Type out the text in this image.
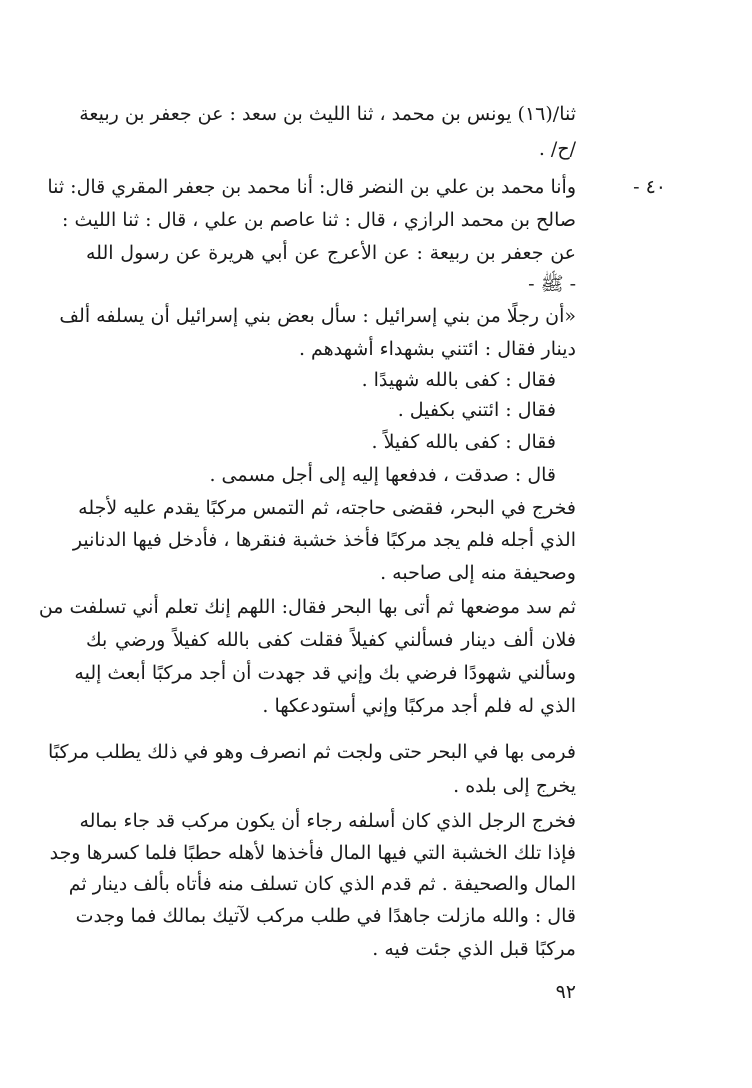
ثنا/(١٦) يونس بن محمد ، ثنا الليث بن سعد : عن جعفر بن ربيعة
/ح/ .
٤٠ -
وأنا محمد بن علي بن النضر قال: أنا محمد بن جعفر المقري قال: ثنا
صالح بن محمد الرازي ، قال : ثنا عاصم بن علي ، قال : ثنا الليث :
عن جعفر بن ربيعة : عن الأعرج عن أبي هريرة عن رسول الله
- ﷺ -
«أن رجلًا من بني إسرائيل : سأل بعض بني إسرائيل أن يسلفه ألف
دينار فقال : ائتني بشهداء أشهدهم .
فقال : كفى بالله شهيدًا .
فقال : ائتني بكفيل .
فقال : كفى بالله كفيلاً .
قال : صدقت ، فدفعها إليه إلى أجل مسمى .
فخرج في البحر، فقضى حاجته، ثم التمس مركبًا يقدم عليه لأجله
الذي أجله فلم يجد مركبًا فأخذ خشبة فنقرها ، فأدخل فيها الدنانير
وصحيفة منه إلى صاحبه .
ثم سد موضعها ثم أتى بها البحر فقال: اللهم إنك تعلم أني تسلفت من
فلان ألف دينار فسألني كفيلاً فقلت كفى بالله كفيلاً ورضي بك
وسألني شهودًا فرضي بك وإني قد جهدت أن أجد مركبًا أبعث إليه
الذي له فلم أجد مركبًا وإني أستودعكها .
فرمى بها في البحر حتى ولجت ثم انصرف وهو في ذلك يطلب مركبًا
يخرج إلى بلده .
فخرج الرجل الذي كان أسلفه رجاء أن يكون مركب قد جاء بماله
فإذا تلك الخشبة التي فيها المال فأخذها لأهله حطبًا فلما كسرها وجد
المال والصحيفة . ثم قدم الذي كان تسلف منه فأتاه بألف دينار ثم
قال : والله مازلت جاهدًا في طلب مركب لآتيك بمالك فما وجدت
مركبًا قبل الذي جئت فيه .
٩٢
